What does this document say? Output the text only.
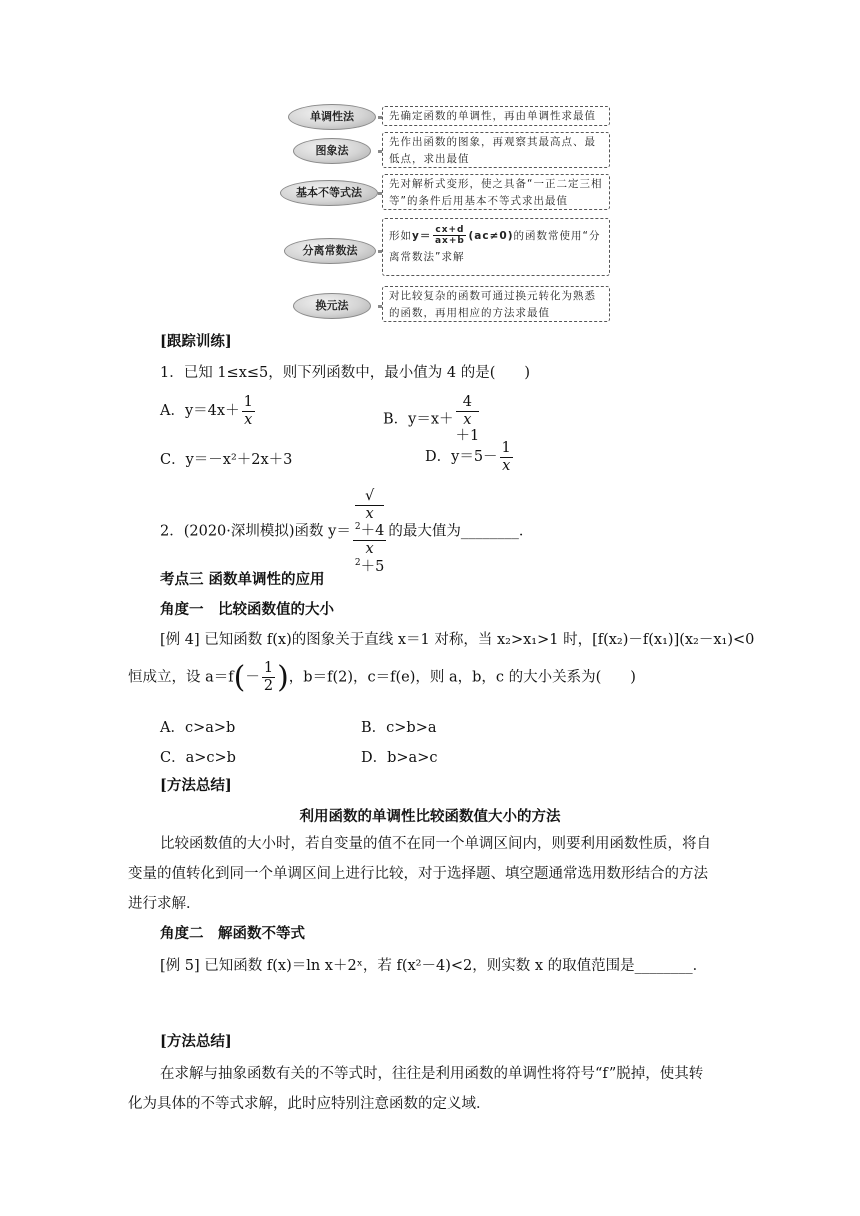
单调性法	先确定函数的单调性，再由单调性求最值
图象法
先作出函数的图象，再观察其最高点、最低点，求出最值
基本不等式法
先对解析式变形，使之具备“一正二定三相等”的条件后用基本不等式求出最值
分离常数法
形如$y= \frac{cx+d}{ax+b} (ac\ne 0)$的函数常使用“分离常数法”求解
换元法
对比较复杂的函数可通过换元转化为熟悉的函数，再用相应的方法求最值
[跟踪训练]
1．已知 1≤x≤5，则下列函数中，最小值为 4 的是(　　)
A．$y=4x+ \frac{1}{x}$	B．y＝x＋ 4
x
＋1
C．y＝－x²＋2x＋3	D．$y=5- \frac{1}{x}$
2．(2020·深圳模拟)函数 y＝ √
x
$^2$＋4
x
$^2$＋5 的最大值为________．
考点三 函数单调性的应用
角度一　比较函数值的大小
[例 4] 已知函数 f(x)的图象关于直线 x＝1 对称，当 x₂>x₁>1 时，[f(x₂)－f(x₁)](x₂－x₁)<0
恒成立，设 $a=f(- \frac{1}{2}$ )，b＝f(2)，c＝f(e)，则 a，b，c 的大小关系为(　　)
A．c>a>b	B．c>b>a
C．a>c>b	D．b>a>c
[方法总结]
利用函数的单调性比较函数值大小的方法
比较函数值的大小时，若自变量的值不在同一个单调区间内，则要利用函数性质，将自
变量的值转化到同一个单调区间上进行比较，对于选择题、填空题通常选用数形结合的方法
进行求解．
角度二　解函数不等式
[例 5] 已知函数 f(x)＝ln x＋2ˣ，若 f(x²－4)<2，则实数 x 的取值范围是________．
[方法总结]
在求解与抽象函数有关的不等式时，往往是利用函数的单调性将符号“f”脱掉，使其转
化为具体的不等式求解，此时应特别注意函数的定义域．
